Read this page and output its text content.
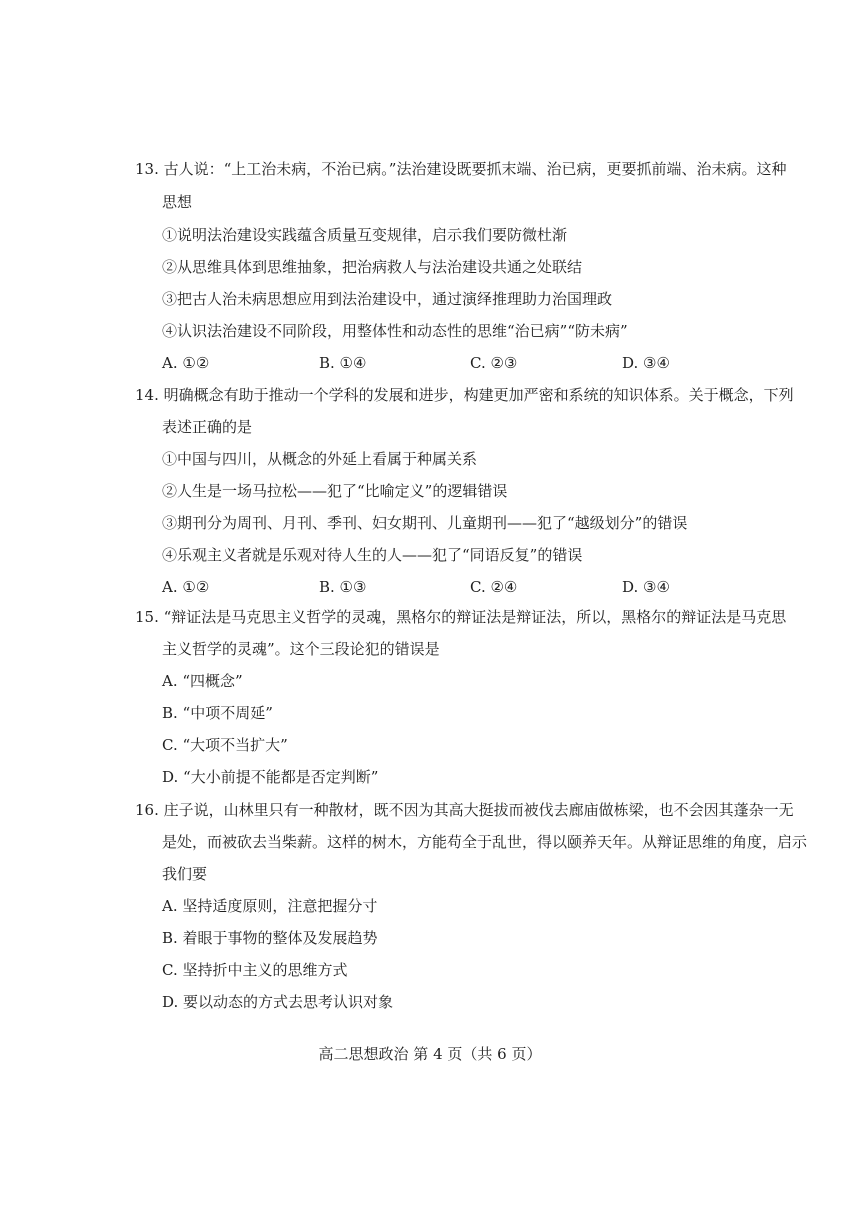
13. 古人说：“上工治未病，不治已病。”法治建设既要抓末端、治已病，更要抓前端、治未病。这种
思想
①说明法治建设实践蕴含质量互变规律，启示我们要防微杜渐
②从思维具体到思维抽象，把治病救人与法治建设共通之处联结
③把古人治未病思想应用到法治建设中，通过演绎推理助力治国理政
④认识法治建设不同阶段，用整体性和动态性的思维“治已病”“防未病”
A. ①②	B. ①④	C. ②③	D. ③④
14. 明确概念有助于推动一个学科的发展和进步，构建更加严密和系统的知识体系。关于概念，下列
表述正确的是
①中国与四川，从概念的外延上看属于种属关系
②人生是一场马拉松——犯了“比喻定义”的逻辑错误
③期刊分为周刊、月刊、季刊、妇女期刊、儿童期刊——犯了“越级划分”的错误
④乐观主义者就是乐观对待人生的人——犯了“同语反复”的错误
A. ①②	B. ①③	C. ②④	D. ③④
15. “辩证法是马克思主义哲学的灵魂，黑格尔的辩证法是辩证法，所以，黑格尔的辩证法是马克思
主义哲学的灵魂”。这个三段论犯的错误是
A. “四概念”
B. “中项不周延”
C. “大项不当扩大”
D. “大小前提不能都是否定判断”
16. 庄子说，山林里只有一种散材，既不因为其高大挺拔而被伐去廊庙做栋梁，也不会因其蓬杂一无
是处，而被砍去当柴薪。这样的树木，方能苟全于乱世，得以颐养天年。从辩证思维的角度，启示
我们要
A. 坚持适度原则，注意把握分寸
B. 着眼于事物的整体及发展趋势
C. 坚持折中主义的思维方式
D. 要以动态的方式去思考认识对象
高二思想政治 第 4 页（共 6 页）
